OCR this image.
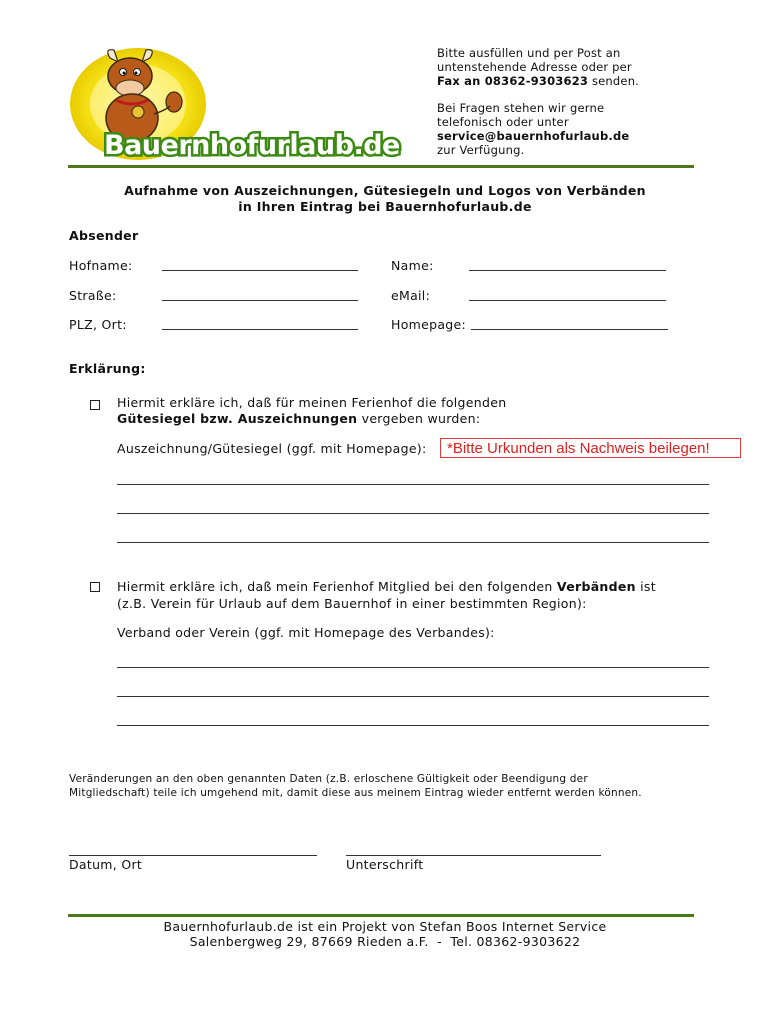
Bauernhofurlaub.de
Bitte ausfüllen und per Post an
untenstehende Adresse oder per
Fax an 08362-9303623 senden.
Bei Fragen stehen wir gerne
telefonisch oder unter
service@bauernhofurlaub.de
zur Verfügung.
Aufnahme von Auszeichnungen, Gütesiegeln und Logos von Verbänden
in Ihren Eintrag bei Bauernhofurlaub.de
Absender
Hofname:	Name:
Straße:	eMail:
PLZ, Ort:	Homepage:
Erklärung:
Hiermit erkläre ich, daß für meinen Ferienhof die folgenden
Gütesiegel bzw. Auszeichnungen vergeben wurden:
Auszeichnung/Gütesiegel (ggf. mit Homepage):	*Bitte Urkunden als Nachweis beilegen!
Hiermit erkläre ich, daß mein Ferienhof Mitglied bei den folgenden Verbänden ist
(z.B. Verein für Urlaub auf dem Bauernhof in einer bestimmten Region):
Verband oder Verein (ggf. mit Homepage des Verbandes):
Veränderungen an den oben genannten Daten (z.B. erloschene Gültigkeit oder Beendigung der
Mitgliedschaft) teile ich umgehend mit, damit diese aus meinem Eintrag wieder entfernt werden können.
Datum, Ort	Unterschrift
Bauernhofurlaub.de ist ein Projekt von Stefan Boos Internet Service
Salenbergweg 29, 87669 Rieden a.F.  -  Tel. 08362-9303622
